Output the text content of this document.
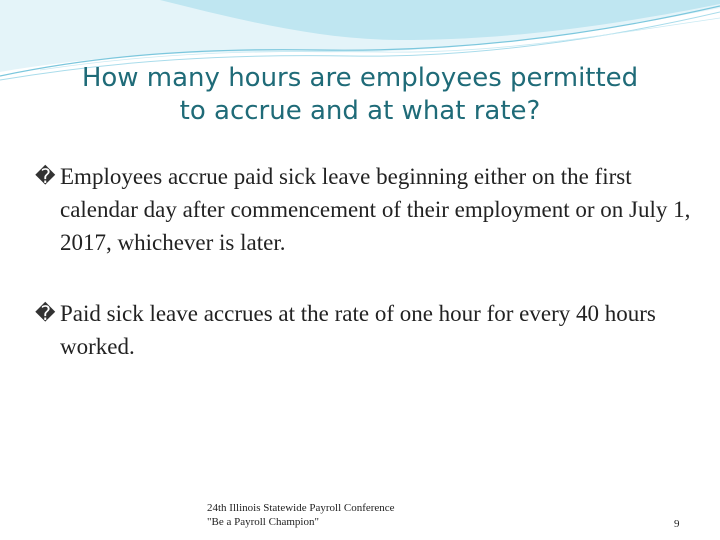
How many hours are employees permitted
to accrue and at what rate?
� Employees accrue paid sick leave beginning either on the first calendar day after commencement of their employment or on July 1, 2017, whichever is later.
� Paid sick leave accrues at the rate of one hour for every 40 hours worked.
24th Illinois Statewide Payroll Conference
"Be a Payroll Champion"	9
